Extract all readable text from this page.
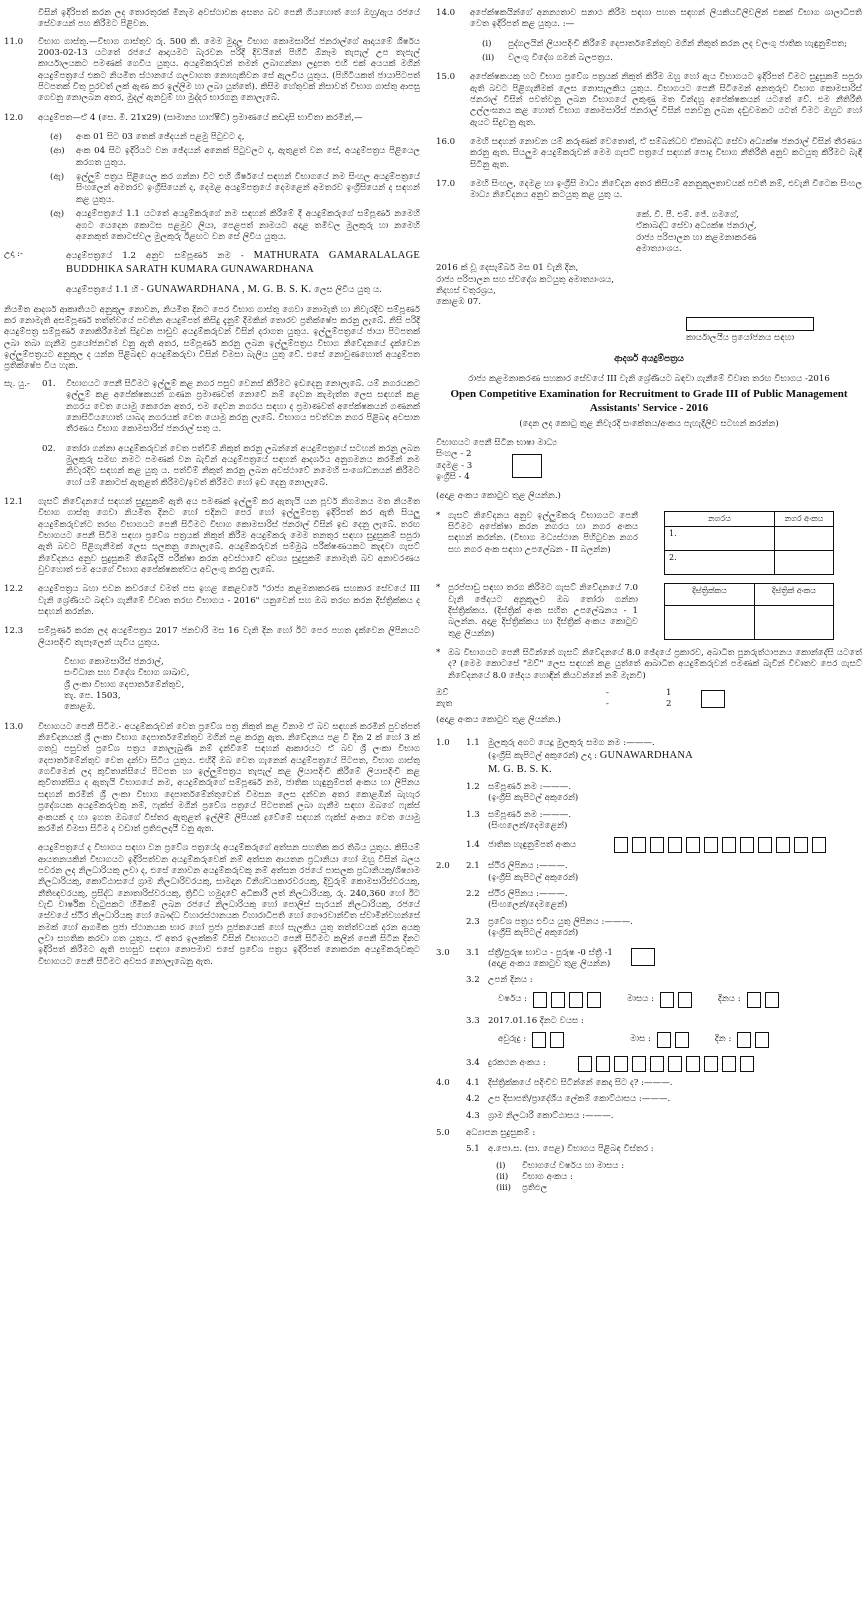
විසින් ඉදිරිපත් කරන ලද තොරතුරක් මිනැම අවස්ථාවක අසත්‍ය බව පෙනී ගියහොත් හෝ ඔහු/ඇය රජයේ සේවයෙන් පහ කිරීමට පිළිවන.
11.0	විභාග ගාස්තු.—විභාග ගාස්තුව රු. 500 කි. මෙම මුදල විභාග කොමසාරිස් ජනරාල්ගේ ආදායමේ ශීර්ෂය 2003-02-13 යටතේ රජයේ ආදායමට බැරවන පරිදි දිවයිනේ පිහිටි ඕනෑම තැපැල් උප තැපැල් කාර්යාලයකට පමණක් ගෙවිය යුතුය. අයදුම්කරුවන් තමන් ලබාගන්නා ලදුපත එහි එක් අයයක් මගින් අයදුම්පත්‍රයේ එකට නියමිත ස්ථානයේ ගලවාගත නොහැකිවන සේ ඇලවිය යුතුය. (පිහිටියකත් ජායාපිටපත් පිටපතක් වීතු පුරවත් ලක් ඇණ කර ඉල්ලිම හා ලබා යුත්තේ). කිසිම හේතුවක් නිසාවත් විභාග ගාස්තු ආපසු ගෙවනු නොලබන අතර, මුදල් ඇනවුම් හා මුද්දර භාරගනු නොලැබේ.
12.0	අයදුම්පත—ඒ 4 (සෙ. මී. 21x29) (සාමාන්‍ය හාෆ්ෂීට්) ප්‍රමාණයේ කඩදාසි භාවිතා කරමින්,—
(අ)	අංක 01 සිට 03 තෙක් ඡේදයන් පළමු පිටුවට ද,
(ආ)	අංක 04 සිට ඉදිරියට වන ඡේදයන් අනෙක් පිටුවලට ද, ඇතුළත් වන සේ, අයදුම්පත්‍රය පිළියෙල කරගත යුතුය.
(ඇ)	ඉල්ලුම් පත්‍රය පිළියෙල කර ගන්නා විට එහි ශීර්ෂයේ සඳහන් විභාගයේ නම සිංහල අයදුම්පත්‍රයේ සිංහලෙන් අමතරව ඉංග්‍රීසියෙන් ද, දෙමළ අයදුම්පත්‍රයේ දෙමළෙන් අමතරව ඉංග්‍රීසියෙන් ද සඳහන් කළ යුතුය.
(ඈ)	අයදුම්පත්‍රයේ 1.1 යටතේ අයදුම්කරුගේ නම සඳහන් කිරීමේ දී අයදුම්කරුගේ සම්පූර්ණ නමෙහි අගට යෙදෙන කොටස පළමුව ලියා, පෙළපත් නාමයට අදාළ තමිවල මුලකුරු හා නමෙහි අනෙකුත් කොටස්වල මුලකුරු ඊළඟට වන සේ ලිවිය යුතුය.
උදා :-	අයදුම්පත්‍රයේ 1.2 අනුව සම්පූර්ණ නම - MATHURATA GAMARALALAGE BUDDHIKA SARATH KUMARA GUNAWARDHANA
අයදුම්පත්‍රයේ 1.1 හි - GUNAWARDHANA , M. G. B. S. K. ලෙස ලිවිය යුතු ය.
නියමිත ආදර්ශ ආකෘතියට අනුකූල නොවන, නියමිත දිනට පෙර විභාග ගාස්තු ගෙවා නොමැති හා නිවැරදිව සම්පූර්ණ කර නොමැති අසම්පූර්ණ තත්ත්වයේ පවතින අයදුම්පත් කිසිදු දැනුම් දීමකින් තොරව ප්‍රතික්ෂේප කරනු ලැබේ. නිසි පරිදි අයදුම්පත්‍ර සම්පූර්ණ නොකිරීමෙන් සිදුවන පාඩුව අයදුම්කරුවන් විසින් දරාගත යුතුය. ඉල්ලුම්පත්‍රයේ ජායා පිටපතක් ලබා තබා ගැනීම ප්‍රයෝජනවත් වනු ඇති අතර, සම්පූර්ණ කරනු ලබන ඉල්ලුම්පත්‍රය විභාග නිවේදනයේ දැක්වෙන ඉල්ලුම්පත්‍රයට අනුකූල ද යන්න පිළිබඳව අයදුම්කරුවා විසින් විමසා බැලිය යුතු වේ. එසේ නොවුණහොත් අයදුම්පත ප්‍රතික්ෂේප විය හැක.
සැ. යු.-	01.	විභාගයට පෙනී සිටීමට ඉල්ලුම් කළ නගර පසුව වෙනස් කිරීමට ඉඩදෙනු නොලැබේ. යම් නගරයකට ඉල්ලුම් කළ අපේක්ෂකයන් ගණන ප්‍රමාණවත් නොවේ නම් දෙවන කැමැත්ත ලෙස සඳහන් කළ නගරය වෙත යොමු කෙරෙන අතර, එම දෙවන නගරය සඳහා ද ප්‍රමාණවත් අපේක්ෂකයන් ගණනක් නොසිටියහොත් යාබද නගරයක් වෙත යොමු කරනු ලැබේ. විභාගය පවත්වන නගර පිළිබඳ අවසාන තීරණය විභාග කොමසාරිස් ජනරාල් සතු ය.
02.	තෝරා ගන්නා අයදුම්කරුවන් වෙත පත්වීම් නිකුත් කරනු ලබන්නේ අයදුම්පත්‍රයේ සටහන් කරනු ලබන මුලකුරු සමඟ නමට පමණක් වන බැවින් අයදුම්පත්‍රයේ සඳහන් ආදර්ශය අනුගමනය කරමින් නම නිවැරදිව සඳහන් කළ යුතු ය. පත්වීම් නිකුත් කරනු ලබන අවස්ථාවේ නමෙහි සංශෝධනයන් කිරීමට හෝ යම් කොටස් ඇතුළත් කිරීමට/ඉවත් කිරීමට හෝ ඉඩ දෙනු නොලැබේ.
12.1	ගැසට් නිවේදනයේ සඳහන් සුදුසුකම් ඇති අය පමණක් ඉල්ලුම් කර ඇතැයි යන පූර්ව නිගමනය මත නියමිත විභාග ගාස්තු ගෙවා නියමිත දිනට හෝ එදිනට පෙර හෝ ඉල්ලුම්පත්‍ර ඉදිරිපත් කර ඇති සියලු අයදුම්කරුවන්ට තරඟ විභාගයට පෙනී සිටීමට විභාග කොමසාරිස් ජනරාල් විසින් ඉඩ දෙනු ලැබේ. තරඟ විභාගයට පෙනී සිටීම සඳහා ප්‍රවේශ පත්‍රයක් නිකුත් කිරීම අයදුම්කරු මෙම තනතුර සඳහා සුදුසුකම් සපුරා ඇති බවට පිළිගැනීමක් ලෙස සලකනු නොලැබේ. අයදුම්කරුවන් සම්මුඛ පරීක්ෂණයකට කැඳවා ගැසට් නිවේදනය අනුව සුදුසුකම් තිබේදැයි පරීක්ෂා කරන අවස්ථාවේ අවශ්‍ය සුදුසුකම් නොමැති බව අනාවරණය වුවහොත් එම අයගේ විභාග අපේක්ෂකත්වය අවලංගු කරනු ලැබේ.
12.2	අයදුම්පත්‍රය බහා එවන කවරයේ වමත් පස ඉහළ කෙළවරේ "රාජ්‍ය කළමනාකරණ සහකාර සේවයේ III වැනි ශ්‍රේණියට බඳවා ගැනීමේ විවෘත තරඟ විභාගය - 2016" යනුවෙන් සහ ඔබ තරඟ කරන දිස්ත්‍රික්කය ද සඳහන් කරන්න.
12.3	සම්පූර්ණ කරන ලද අයදුම්පත්‍රය 2017 ජනවාරි මස 16 වැනි දින හෝ ඊට පෙර පහත දැක්වෙන ලිපිනයට ලියාපදිංචි තැපෑලෙන් යැවිය යුතුය.
විභාග කොමසාරිස් ජනරාල්,
සංවිධාන සහ විදේශ විභාග ශාඛාව,
ශ්‍රී ලංකා විභාග දෙපාර්තමේන්තුව,
තැ. පෙ. 1503,
කොළඹ.
13.0	විභාගයට පෙනී සිටීම.- අයදුම්කරුවන් වෙත ප්‍රවේශ පත්‍ර නිකුත් කළ විනාම ඒ බව සඳහන් කරමින් පුවත්පත් නිවේදනයක් ශ්‍රී ලංකා විභාග දෙපාර්තමේන්තුව මගින් පළ කරනු ඇත. නිවේදනය පළ වී දින 2 ක් හෝ 3 ක් ගතවූ පසුවත් ප්‍රවේශ පත්‍රය නොලැබුණි නම් දැන්වීමේ සඳහන් ආකාරයට ඒ බව ශ්‍රී ලංකා විභාග දෙපාර්තමේන්තුව වෙත දන්වා සිටිය යුතුය. එහිදී ඔබ වෙත ගැනෙන් අයදුම්පත්‍රයේ පිටපත, විභාග ගාස්තු ගෙවීමෙන් ලද කුවිතාන්සියේ පිටපත හා ඉල්ලුම්පත්‍රය තැපැල් කළ ලියාපදිංචි කිරීමේ ලියාපදිංචි කළ කුවිතාන්සිය ද ඇතැයි විභාගයේ නම, අයදුම්කරුගේ සම්පූර්ණ නම, ජාතික හැඳුනුම්පත් අංකය හා ලිපිනය සඳහන් කරමින් ශ්‍රී ලංකා විභාග දෙපාර්තමේන්තුවෙන් විමසන ලෙස දන්වන අතර කොළඹින් බැහැර ප්‍රදේශයක අයදුම්කරුවකු නම්, ෆැක්ස් මගින් ප්‍රවේශ පත්‍රයේ පිටපතක් ලබා ගැනීම සඳහා ඔබගේ ෆැක්ස් අංකයක් ද හා ඉහත ඔබගේ විස්තර ඇතුළත් ඉල්ලීම් ලිපියක් ද්‍රවේමේ සඳහන් ෆැක්ස් අංකය වෙත යොමු කරමින් විමසා සිටීම ද වඩාත් ප්‍රතිඵලදායී වනු ඇත.
අයදුම්පත්‍රයේ ද විභාගය සඳහා වන ප්‍රවේශ පත්‍රයේද අයදුම්කරුගේ අත්සන සහතික කර තිබිය යුතුය. කිසියම් ආයතනයකින් විභාගයට ඉදිරිපත්වන අයදුම්කරුවෙක් නම් අත්සන ආයතන ප්‍රධානියා හෝ ඔහු විසින් බලය පවරන ලද නිලධාරියකු ලවා ද, එසේ නොවන අයදුම්කරුවකු නම් අත්සන රජයේ පාසලක ප්‍රධානියකු/ශිෂ්‍යාම නිලධාරියකු, කොට්ඨාසයේ ග්‍රාම නිලධාරිවරයකු, සාමදාන විනිශ්චයකාරවරයකු, දිවුරුම් කොමසාරිස්වරයකු, නීතිඥවරයකු, ප්‍රසිද්ධ නොතාරිස්වරයකු, ත්‍රිවිධ හමුදාවේ අධිකාරී ලත් නිලධාරියකු, රු. 240,360 හෝ ඊට වැඩි වාර්ෂික වැටුපකට හිමිකම් ලබන රජයේ නිලධාරියකු හෝ පොලිස් සැරයන් නිලධාරියකු, රජයේ සේවයේ ස්ථිර නිලධාරියකු හෝ බෞද්ධ විහාරස්ථානයක විහාරාධිපති හෝ ගෞරවාන්විත ස්වාමීන්වහන්සේ නමක් හෝ ආගමික ප්‍රජා ස්ථානයක භාර හෝ ප්‍රජා පූජකයෙක් හෝ සැලකිය යුතු තත්ත්වයක් දරන අයකු ලවා සහතික කරවා ගත යුතුය. ඒ අතර ඉලක්කම් විසින් විභාගයට පෙනී සිටීමට කලින් පෙනී සිටින දිනට ඉදිරිපත් කිරීමට ඇති පහසුව සඳහා නොපමාව එසේ ප්‍රවේශ පත්‍රය ඉදිරිපත් නොකරන අයදුම්කරුවකුට විභාගයට පෙනී සිටීමට අවසර නොලැබෙනු ඇත.
14.0	අපේක්ෂකයින්ගේ අනන්‍යතාව සනාථ කිරීම සඳහා පහත සඳහන් ලියකියවිලිවලින් එකක් විභාග ශාලාධිපති වෙත ඉදිරිපත් කළ යුතුය. :—
(i)	පුද්ගලයින් ලියාපදිංචි කිරීමේ දෙපාර්තමේන්තුව මගින් නිකුත් කරන ලද වලංගු ජාතික හැඳුනුම්පත;
(ii)	වලංගු විදේශ ගමන් බලපත්‍රය.
15.0	අපේක්ෂකයකු හට විභාග ප්‍රවේශ පත්‍රයක් නිකුත් කිරීම ඔහු හෝ ඇය විභාගයට ඉදිරිපත් වීමට සුදුසුකම් සපුරා ඇති බවට පිළිගැනීමක් ලෙස නොසැලකිය යුතුය. විභාගයට පෙනී සිටීමෙන් අනතුරුව විභාග කොමසාරිස් ජනරාල් විසින් පවත්වනු ලබන විභාගයේ ලකුණු මත වින්දහු අපේක්ෂකයන් යටතේ වේ. එම නීතිරීති උල්ලංඝනය කළ හොත් විභාග කොමසාරිස් ජනරාල් විසින් පනවනු ලබන දඬුවමකට යටත් වීමට ඔහුට හෝ ඇයට සිදුවනු ඇත.
16.0	මෙහි සඳහන් නොවන යම් කරුණක් වෙතොත්, ඒ සම්බන්ධව ඒකාබද්ධ සේවා අධ්‍යක්ෂ ජනරාල් විසින් තීරණය කරනු ඇත. සියලුම අයදුම්කරුවන් මෙම ගැසට් පත්‍රයේ සඳහන් පොදු විභාග නීතිරීති අනුව කටයුතු කිරීමට බැඳී සිටිනු ඇත.
17.0	මෙහි සිංහල, දෙමළ හා ඉංග්‍රීසි මාධ්‍ය නිවේදන අතර කිසියම් අනනුකූලතාවයක් පවතී නම්, එවැනි විටෙක සිංහල මාධ්‍ය නිවේදනය අනුව කටයුතු කළ යුතු ය.
කේ. වී. පී. එම්. ජේ. ගමගේ,
ඒකාබද්ධ සේවා අධ්‍යක්ෂ ජනරාල්,
රාජ්‍ය පරිපාලන හා කළමනාකරණ
අමාත්‍යාංශය.
2016 ක් වූ දෙසැම්බර් මස 01 වැනි දින,
රාජ්‍ය පරිපාලන සහ ස්වදේශ කටයුතු අමාත්‍යාංශය,
නිදහස් චතුරශ්‍රය,
කොළඹ 07.
කාර්යාලයීය ප්‍රයෝජනය සඳහා
ආදර්ශ අයදුම්පත්‍රය
රාජ්‍ය කළමනාකරණ සහකාර සේවයේ III වැනි ශ්‍රේණියට බඳවා ගැනීමේ විවෘත තරඟ විභාගය -2016
Open Competitive Examination for Recruitment to Grade III of Public Management Assistants' Service - 2016
(දෙන ලද කොටු තුළ නිවැරදි සංකේතය/අංකය පැහැදිලිව සටහන් කරන්න)
විභාගයට පෙනී සිටින භාෂා මාධ්‍ය
සිංහල - 2
දෙමළ - 3
ඉංග්‍රීසි - 4
(අදාළ අංකය කොටුව තුළ ලියන්න.)
* ගැසට් නිවේදනය අනුව ඉල්ලුම්කරු විභාගයට පෙනී සිටීමට අපේක්ෂා කරන නගරය හා නගර අංකය සඳහන් කරන්න. (විභාග මධ්‍යස්ථාන පිහිටුවන නගර සහ නගර අංක සඳහා උපලේඛන - II බලන්න)
නගරය	නගර අංකය
1.	
2.	
* පුරප්පාඩු සඳහා තරග කිරීමට ගැසට් නිවේදනයේ 7.0 වැනි ඡේදයට අනුකූලව ඔබ තෝරා ගන්නා දිස්ත්‍රික්කය. (දිස්ත්‍රික් අංක සහිත උපලේඛනය - 1 බලන්න. අදාළ දිස්ත්‍රික්කය හා දිස්ත්‍රික් අංකය කොටුව තුළ ලියන්න)
දිස්ත්‍රික්කය	දිස්ත්‍රික් අංකය

* ඔබ විභාගයට පෙනී සිටින්නේ ගැසට් නිවේදනයේ 8.0 ඡේදයේ ප්‍රකාරව, අබාධිත පුනරුත්ථාපනය කොන්දේසි යටතේ ද? (මෙම කොටසේ "ඔව්" ලෙස සඳහන් කළ යුත්තේ ආබාධිත අයදුම්කරුවන් පමණක් බැවින් විවෘතව පෙර ගැසට් නිවේදනයේ 8.0 ඡේදය හොඳින් කියවන්නේ නම් මැනවි)
ඔව්	-	1
නැත	-	2
(අදාළ අංකය කොටුව තුළ ලියන්න.)
1.0	1.1 මුලකුරු අගට යෙදූ මුලකුරු සමග නම :———.
(ඉංග්‍රීසි කැපිටල් අකුරෙන්) උදා : GUNAWARDHANA
M. G. B. S. K.
1.2 සම්පූර්ණ නම :———.
(ඉංග්‍රීසි කැපිටල් අකුරෙන්)
1.3 සම්පූර්ණ නම :———.
(සිංහලෙන්/දෙමළෙන්)
1.4 ජාතික හැඳුනුම්පත් අංකය
2.0	2.1 ස්ථිර ලිපිනය :———.
(ඉංග්‍රීසි කැපිටල් අකුරෙන්)
2.2 ස්ථිර ලිපිනය :———.
(සිංහලෙන්/දෙමළෙන්)
2.3 ප්‍රවේශ පත්‍රය එවිය යුතු ලිපිනය :———.
(ඉංග්‍රීසි කැපිටල් අකුරෙන්)
3.0	3.1 ස්ත්‍රී/පුරුෂ භාවය - පුරුෂ -0 ස්ත්‍රී -1
(අදාළ අංකය කොටුව තුළ ලියන්න)
3.2 උපන් දිනය :
වර්ෂය :	මාසය :	දිනය :
3.3 2017.01.16 දිනට වයස :
අවුරුදු :	මාස :	දින :
3.4 දුරකථන අංකය :
4.0	4.1 දිස්ත්‍රික්කයේ පදිංචිව සිටින්නේ කෙදා සිට ද? :———.
4.2 උප දිසාපති/ප්‍රාදේශීය ලේකම් කොට්ඨාසය :———.
4.3 ග්‍රාම නිලධාරී කොට්ඨාසය :———.
5.0	අධ්‍යාපන සුදුසුකම් :
5.1 අ.පො.ස. (සා. පෙළ) විභාගය පිළිබඳ විස්තර :
(i)	විභාගයේ වර්ෂය හා මාසය :
(ii)	විභාග අංකය :
(iii)	ප්‍රතිඵල
